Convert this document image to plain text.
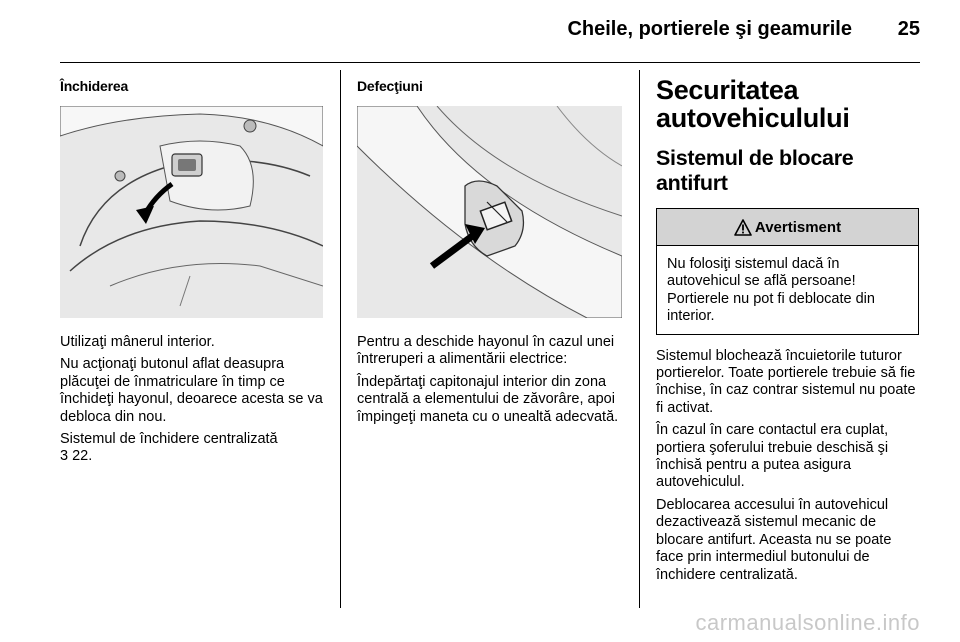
Cheile, portierele şi geamurile 25
Închiderea

Utilizaţi mânerul interior.

Nu acţionaţi butonul aflat deasupra plăcuţei de înmatriculare în timp ce închideţi hayonul, deoarece acesta se va debloca din nou.

Sistemul de închidere centralizată

3 22.

Defecţiuni

Pentru a deschide hayonul în cazul unei întreruperi a alimentării electrice:

Îndepărtaţi capitonajul interior din zona centrală a elementului de zăvorâre, apoi împingeţi maneta cu o unealtă adecvată.

Securitatea autovehiculului
Sistemul de blocare antifurt
Avertisment
Nu folosiţi sistemul dacă în autovehicul se află persoane! Portierele nu pot fi deblocate din interior.

Sistemul blochează încuietorile tuturor portierelor. Toate portierele trebuie să fie închise, în caz contrar sistemul nu poate fi activat.

În cazul în care contactul era cuplat, portiera şoferului trebuie deschisă şi închisă pentru a putea asigura autovehiculul.

Deblocarea accesului în autovehicul dezactivează sistemul mecanic de blocare antifurt. Aceasta nu se poate face prin intermediul butonului de închidere centralizată.

carmanualsonline.info
